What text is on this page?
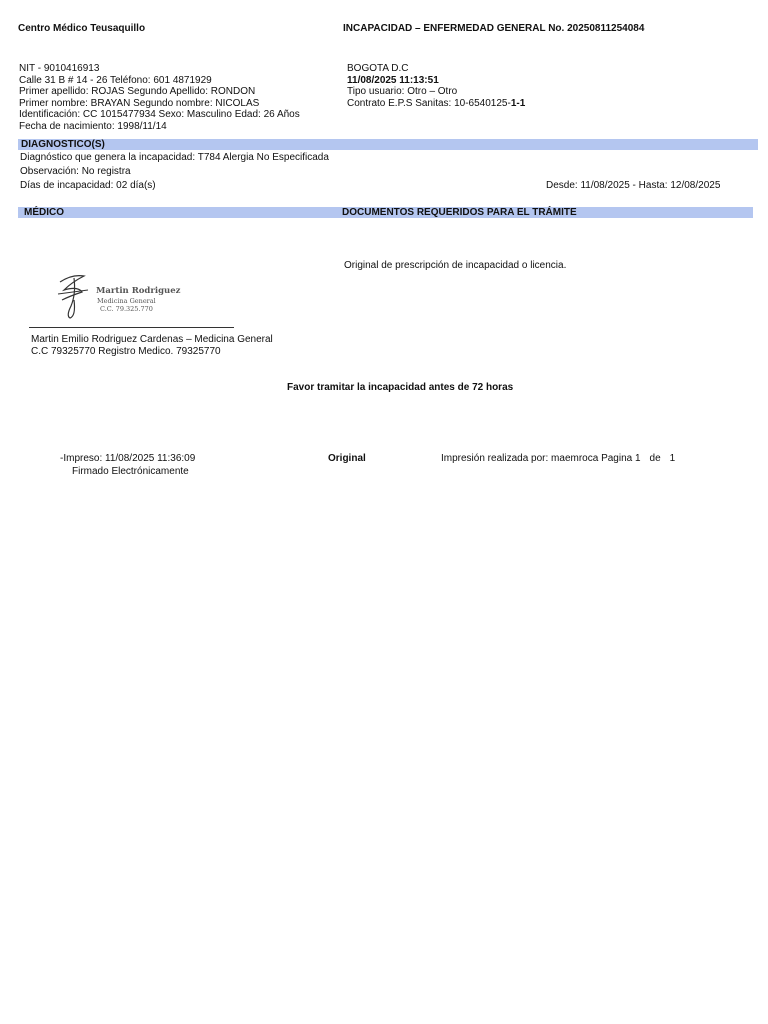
Centro Médico Teusaquillo	INCAPACIDAD – ENFERMEDAD GENERAL No. 20250811254084
NIT - 9010416913
Calle 31 B # 14 - 26 Teléfono: 601 4871929
Primer apellido: ROJAS Segundo Apellido: RONDON
Primer nombre: BRAYAN Segundo nombre: NICOLAS
Identificación: CC 1015477934 Sexo: Masculino Edad: 26 Años
Fecha de nacimiento: 1998/11/14
BOGOTA D.C
11/08/2025 11:13:51
Tipo usuario: Otro – Otro
Contrato E.P.S Sanitas: 10-6540125-1-1
DIAGNOSTICO(S)
Diagnóstico que genera la incapacidad: T784 Alergia No Especificada
Observación: No registra
Días de incapacidad: 02 día(s)	Desde: 11/08/2025 - Hasta: 12/08/2025
MÉDICO	DOCUMENTOS REQUERIDOS PARA EL TRÁMITE
Original de prescripción de incapacidad o licencia.
Martin Rodriguez
Medicina General
C.C. 79.325.770
Martin Emilio Rodriguez Cardenas – Medicina General
C.C 79325770 Registro Medico. 79325770
Favor tramitar la incapacidad antes de 72 horas
-Impreso: 11/08/2025 11:36:09
Firmado Electrónicamente
Original	Impresión realizada por: maemroca Pagina 1 de 1
